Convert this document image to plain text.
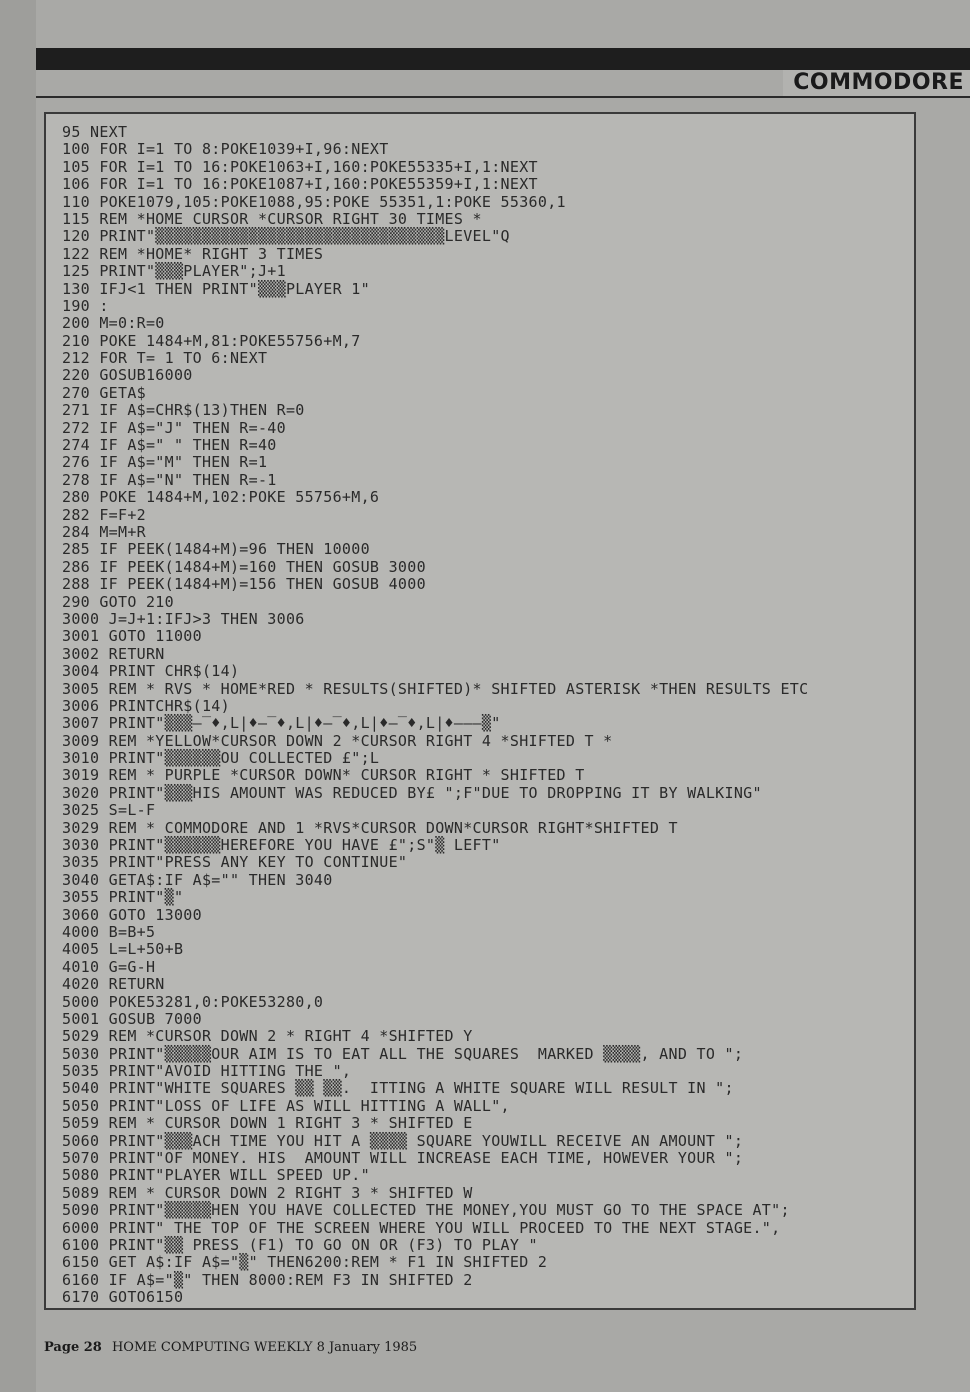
COMMODORE
95 NEXT
100 FOR I=1 TO 8:POKE1039+I,96:NEXT
105 FOR I=1 TO 16:POKE1063+I,160:POKE55335+I,1:NEXT
106 FOR I=1 TO 16:POKE1087+I,160:POKE55359+I,1:NEXT
110 POKE1079,105:POKE1088,95:POKE 55351,1:POKE 55360,1
115 REM *HOME CURSOR *CURSOR RIGHT 30 TIMES *
120 PRINT"▒▒▒▒▒▒▒▒▒▒▒▒▒▒▒▒▒▒▒▒▒▒▒▒▒▒▒▒▒▒▒LEVEL"Q
122 REM *HOME* RIGHT 3 TIMES
125 PRINT"▒▒▒PLAYER";J+1
130 IFJ<1 THEN PRINT"▒▒▒PLAYER 1"
190 :
200 M=0:R=0
210 POKE 1484+M,81:POKE55756+M,7
212 FOR T= 1 TO 6:NEXT
220 GOSUB16000
270 GETA$
271 IF A$=CHR$(13)THEN R=0
272 IF A$="J" THEN R=-40
274 IF A$=" " THEN R=40
276 IF A$="M" THEN R=1
278 IF A$="N" THEN R=-1
280 POKE 1484+M,102:POKE 55756+M,6
282 F=F+2
284 M=M+R
285 IF PEEK(1484+M)=96 THEN 10000
286 IF PEEK(1484+M)=160 THEN GOSUB 3000
288 IF PEEK(1484+M)=156 THEN GOSUB 4000
290 GOTO 210
3000 J=J+1:IFJ>3 THEN 3006
3001 GOTO 11000
3002 RETURN
3004 PRINT CHR$(14)
3005 REM * RVS * HOME*RED * RESULTS(SHIFTED)* SHIFTED ASTERISK *THEN RESULTS ETC
3006 PRINTCHR$(14)
3007 PRINT"▒▒▒—‾♦,L|♦—‾♦,L|♦—‾♦,L|♦—‾♦,L|♦———▒"
3009 REM *YELLOW*CURSOR DOWN 2 *CURSOR RIGHT 4 *SHIFTED T *
3010 PRINT"▒▒▒▒▒▒OU COLLECTED £";L
3019 REM * PURPLE *CURSOR DOWN* CURSOR RIGHT * SHIFTED T
3020 PRINT"▒▒▒HIS AMOUNT WAS REDUCED BY£ ";F"DUE TO DROPPING IT BY WALKING"
3025 S=L-F
3029 REM * COMMODORE AND 1 *RVS*CURSOR DOWN*CURSOR RIGHT*SHIFTED T
3030 PRINT"▒▒▒▒▒▒HEREFORE YOU HAVE £";S"▒ LEFT"
3035 PRINT"PRESS ANY KEY TO CONTINUE"
3040 GETA$:IF A$="" THEN 3040
3055 PRINT"▒"
3060 GOTO 13000
4000 B=B+5
4005 L=L+50+B
4010 G=G-H
4020 RETURN
5000 POKE53281,0:POKE53280,0
5001 GOSUB 7000
5029 REM *CURSOR DOWN 2 * RIGHT 4 *SHIFTED Y
5030 PRINT"▒▒▒▒▒OUR AIM IS TO EAT ALL THE SQUARES  MARKED ▒▒▒▒, AND TO ";
5035 PRINT"AVOID HITTING THE ",
5040 PRINT"WHITE SQUARES ▒▒ ▒▒.  ITTING A WHITE SQUARE WILL RESULT IN ";
5050 PRINT"LOSS OF LIFE AS WILL HITTING A WALL",
5059 REM * CURSOR DOWN 1 RIGHT 3 * SHIFTED E
5060 PRINT"▒▒▒ACH TIME YOU HIT A ▒▒▒▒ SQUARE YOUWILL RECEIVE AN AMOUNT ";
5070 PRINT"OF MONEY. HIS  AMOUNT WILL INCREASE EACH TIME, HOWEVER YOUR ";
5080 PRINT"PLAYER WILL SPEED UP."
5089 REM * CURSOR DOWN 2 RIGHT 3 * SHIFTED W
5090 PRINT"▒▒▒▒▒HEN YOU HAVE COLLECTED THE MONEY,YOU MUST GO TO THE SPACE AT";
6000 PRINT" THE TOP OF THE SCREEN WHERE YOU WILL PROCEED TO THE NEXT STAGE.",
6100 PRINT"▒▒ PRESS (F1) TO GO ON OR (F3) TO PLAY "
6150 GET A$:IF A$="▒" THEN6200:REM * F1 IN SHIFTED 2
6160 IF A$="▒" THEN 8000:REM F3 IN SHIFTED 2
6170 GOTO6150
Page 28 HOME COMPUTING WEEKLY 8 January 1985
